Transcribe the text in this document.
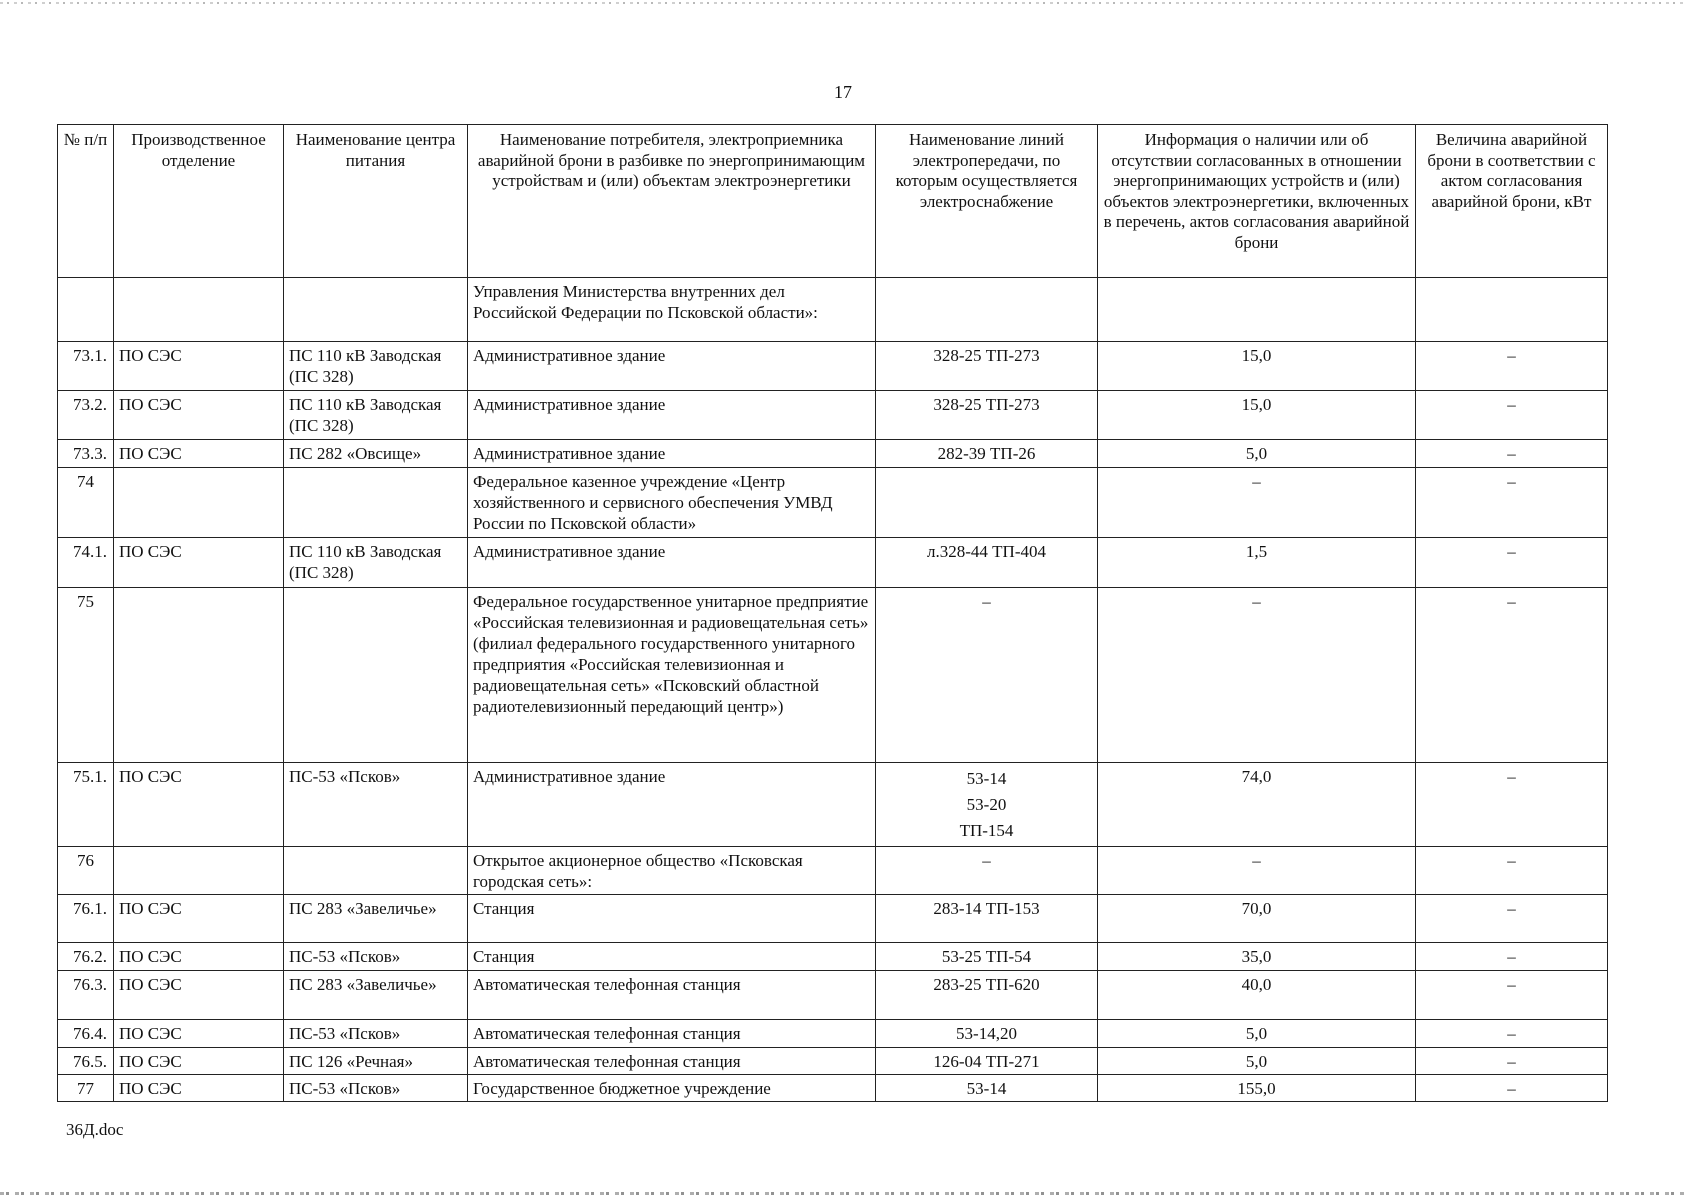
17
№ п/п	Производственное отделение	Наименование центра питания	Наименование потребителя, электроприемника аварийной брони в разбивке по энергопринимающим устройствам и (или) объектам электроэнергетики	Наименование линий электропередачи, по которым осуществляется электроснабжение	Информация о наличии или об отсутствии согласованных в отношении энергопринимающих устройств и (или) объектов электроэнергетики, включенных в перечень, актов согласования аварийной брони	Величина аварийной брони в соответствии с актом согласования аварийной брони, кВт
			Управления Министерства внутренних дел Российской Федерации по Псковской области»:			
73.1.	ПО СЭС	ПС 110 кВ Заводская (ПС 328)	Административное здание	328-25 ТП-273	15,0	–
73.2.	ПО СЭС	ПС 110 кВ Заводская (ПС 328)	Административное здание	328-25 ТП-273	15,0	–
73.3.	ПО СЭС	ПС 282 «Овсище»	Административное здание	282-39 ТП-26	5,0	–
74			Федеральное казенное учреждение «Центр хозяйственного и сервисного обеспечения УМВД России по Псковской области»		–	–
74.1.	ПО СЭС	ПС 110 кВ Заводская (ПС 328)	Административное здание	л.328-44 ТП-404	1,5	–
75			Федеральное государственное унитарное предприятие «Российская телевизионная и радиовещательная сеть» (филиал федерального государственного унитарного предприятия «Российская телевизионная и радиовещательная сеть» «Псковский областной радиотелевизионный передающий центр»)	–	–	–
75.1.	ПО СЭС	ПС-53 «Псков»	Административное здание	53-14
53-20
ТП-154	74,0	–
76			Открытое акционерное общество «Псковская городская сеть»:	–	–	–
76.1.	ПО СЭС	ПС 283 «Завеличье»	Станция	283-14 ТП-153	70,0	–
76.2.	ПО СЭС	ПС-53 «Псков»	Станция	53-25 ТП-54	35,0	–
76.3.	ПО СЭС	ПС 283 «Завеличье»	Автоматическая телефонная станция	283-25 ТП-620	40,0	–
76.4.	ПО СЭС	ПС-53 «Псков»	Автоматическая телефонная станция	53-14,20	5,0	–
76.5.	ПО СЭС	ПС 126 «Речная»	Автоматическая телефонная станция	126-04 ТП-271	5,0	–
77	ПО СЭС	ПС-53 «Псков»	Государственное бюджетное учреждение	53-14	155,0	–
36Д.doc
